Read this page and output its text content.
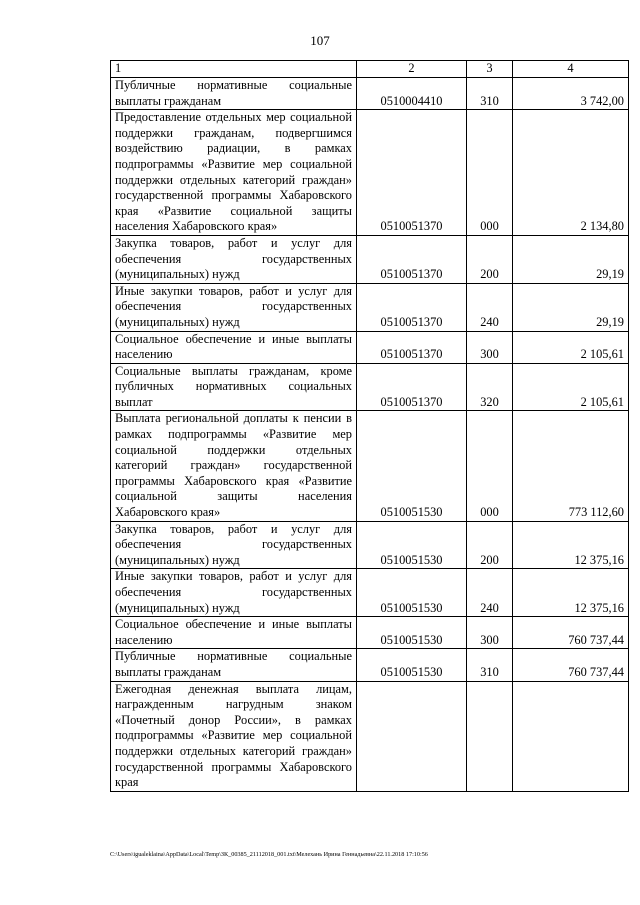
107
1	2	3	4
Публичные нормативные социальные выплаты гражданам	0510004410	310	3 742,00
Предоставление отдельных мер социальной поддержки гражданам, подвергшимся воздействию радиации, в рамках подпрограммы «Развитие мер социальной поддержки отдельных категорий граждан» государственной программы Хабаровского края «Развитие социальной защиты населения Хабаровского края»	0510051370	000	2 134,80
Закупка товаров, работ и услуг для обеспечения государственных (муниципальных) нужд	0510051370	200	29,19
Иные закупки товаров, работ и услуг для обеспечения государственных (муниципальных) нужд	0510051370	240	29,19
Социальное обеспечение и иные выплаты населению	0510051370	300	2 105,61
Социальные выплаты гражданам, кроме публичных нормативных социальных выплат	0510051370	320	2 105,61
Выплата региональной доплаты к пенсии в рамках подпрограммы «Развитие мер социальной поддержки отдельных категорий граждан» государственной программы Хабаровского края «Развитие социальной защиты населения Хабаровского края»	0510051530	000	773 112,60
Закупка товаров, работ и услуг для обеспечения государственных (муниципальных) нужд	0510051530	200	12 375,16
Иные закупки товаров, работ и услуг для обеспечения государственных (муниципальных) нужд	0510051530	240	12 375,16
Социальное обеспечение и иные выплаты населению	0510051530	300	760 737,44
Публичные нормативные социальные выплаты гражданам	0510051530	310	760 737,44
Ежегодная денежная выплата лицам, награжденным нагрудным знаком «Почетный донор России», в рамках подпрограммы «Развитие мер социальной поддержки отдельных категорий граждан» государственной программы Хабаровского края			
C:\Users\igualeklaina\AppData\Local\Temp\ЗК_00385_21112018_001.txt\Мелехань Ирина Геннадьевна\22.11.2018 17:10:56
